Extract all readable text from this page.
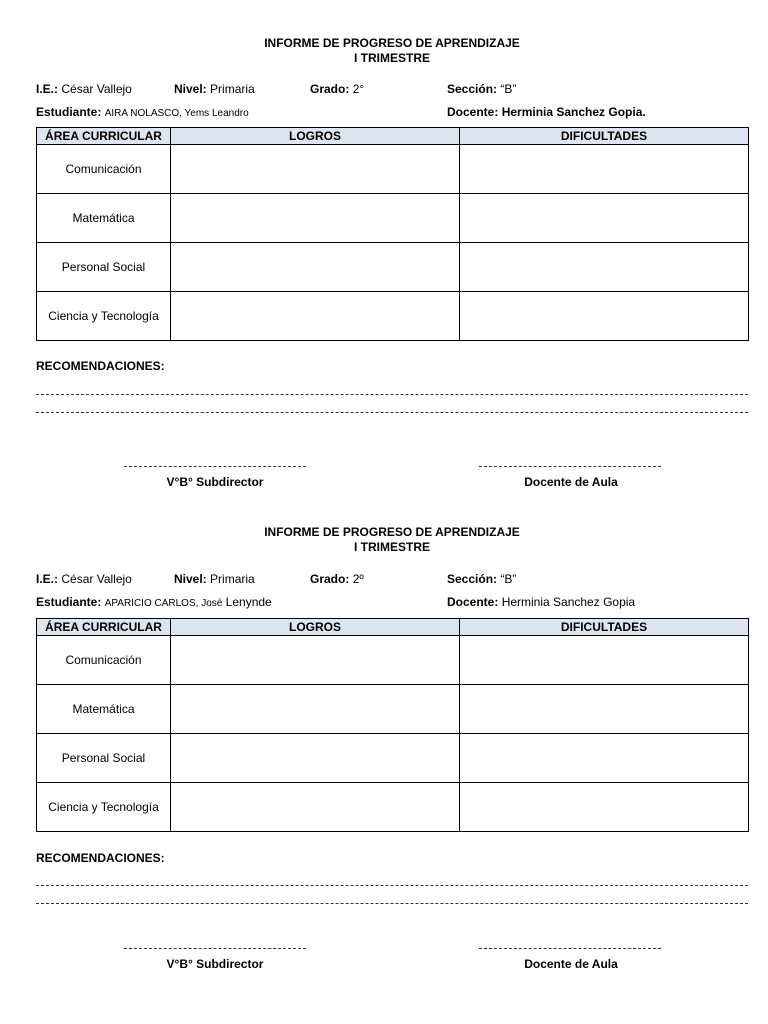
INFORME DE PROGRESO DE APRENDIZAJE
I TRIMESTRE
I.E.: César Vallejo	Nivel: Primaria	Grado: 2°	Sección: “B”
Estudiante: AIRA NOLASCO, Yems Leandro	Docente: Herminia Sanchez Gopia.
ÁREA CURRICULAR	LOGROS	DIFICULTADES
Comunicación		
Matemática		
Personal Social		
Ciencia y Tecnología		
RECOMENDACIONES:
V°B° Subdirector	Docente de Aula
INFORME DE PROGRESO DE APRENDIZAJE
I TRIMESTRE
I.E.: César Vallejo	Nivel: Primaria	Grado: 2º	Sección: “B”
Estudiante: APARICIO CARLOS, José Lenynde	Docente: Herminia Sanchez Gopia
ÁREA CURRICULAR	LOGROS	DIFICULTADES
Comunicación		
Matemática		
Personal Social		
Ciencia y Tecnología		
RECOMENDACIONES:
V°B° Subdirector	Docente de Aula
